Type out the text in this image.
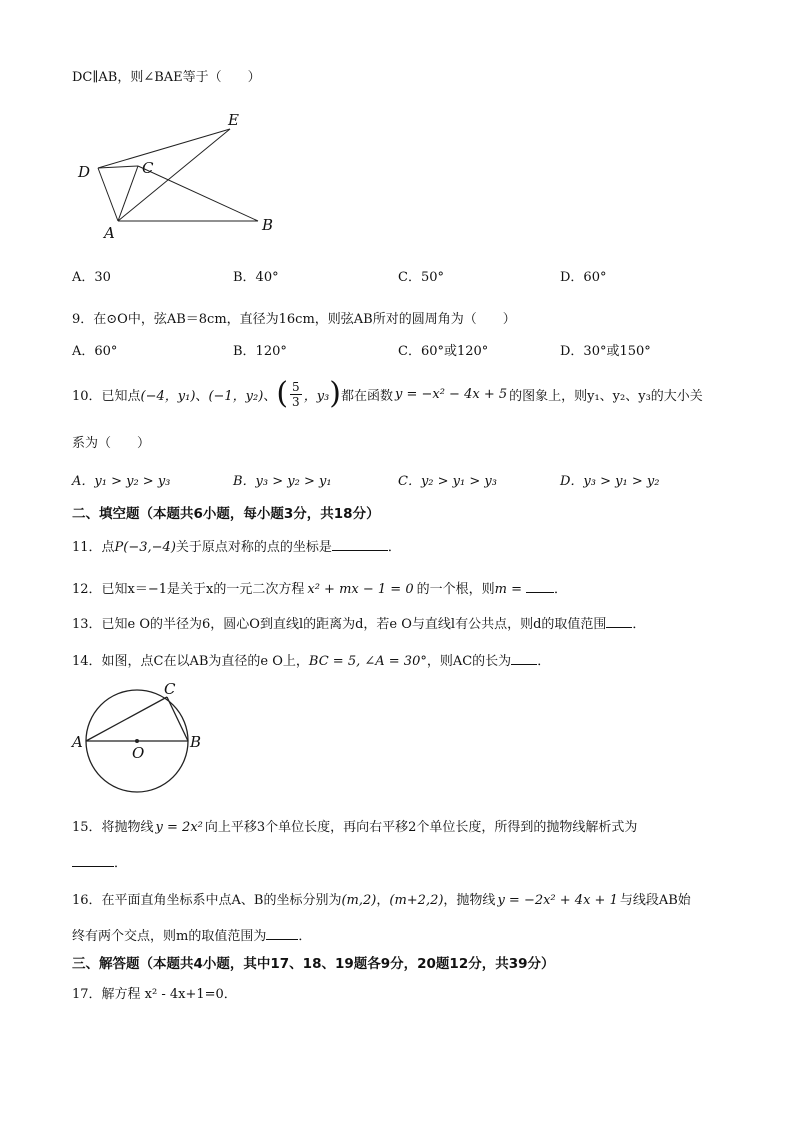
DC∥AB，则∠BAE等于（　　）
E
D	C
A	B
A．30	B．40°	C．50°	D．60°
9．在⊙O中，弦AB＝8cm，直径为16cm，则弦AB所对的圆周角为（　　）
A．60°	B．120°	C．60°或120°	D．30°或150°
10．已知点 (−4，y₁) 、 (−1，y₂) 、 ( $\frac{5}{3}$ ，y₃ ) 都在函数 y = −x² − 4x + 5 的图象上，则y₁、y₂、y₃的大小关
系为（　　）
A．y₁ > y₂ > y₃	B．y₃ > y₂ > y₁	C．y₂ > y₁ > y₃	D．y₃ > y₁ > y₂
二、填空题（本题共6小题，每小题3分，共18分）
11．点P(−3,−4)关于原点对称的点的坐标是	．
12．已知x＝−1是关于x的一元二次方程 x² + mx − 1 = 0 的一个根，则m = ．
13．已知e O的半径为6，圆心O到直线l的距离为d，若e O与直线l有公共点，则d的取值范围 ．
14．如图，点C在以AB为直径的e O上，BC = 5, ∠A = 30°，则AC的长为 ．
C
A
O
B
15．将抛物线 y = 2x² 向上平移3个单位长度，再向右平移2个单位长度，所得到的抛物线解析式为
．
16．在平面直角坐标系中点A、B的坐标分别为(m,2)，(m+2,2)，抛物线 y = −2x² + 4x + 1 与线段AB始
终有两个交点，则m的取值范围为 ．
三、解答题（本题共4小题，其中17、18、19题各9分，20题12分，共39分）
17．解方程 x² - 4x+1=0．
